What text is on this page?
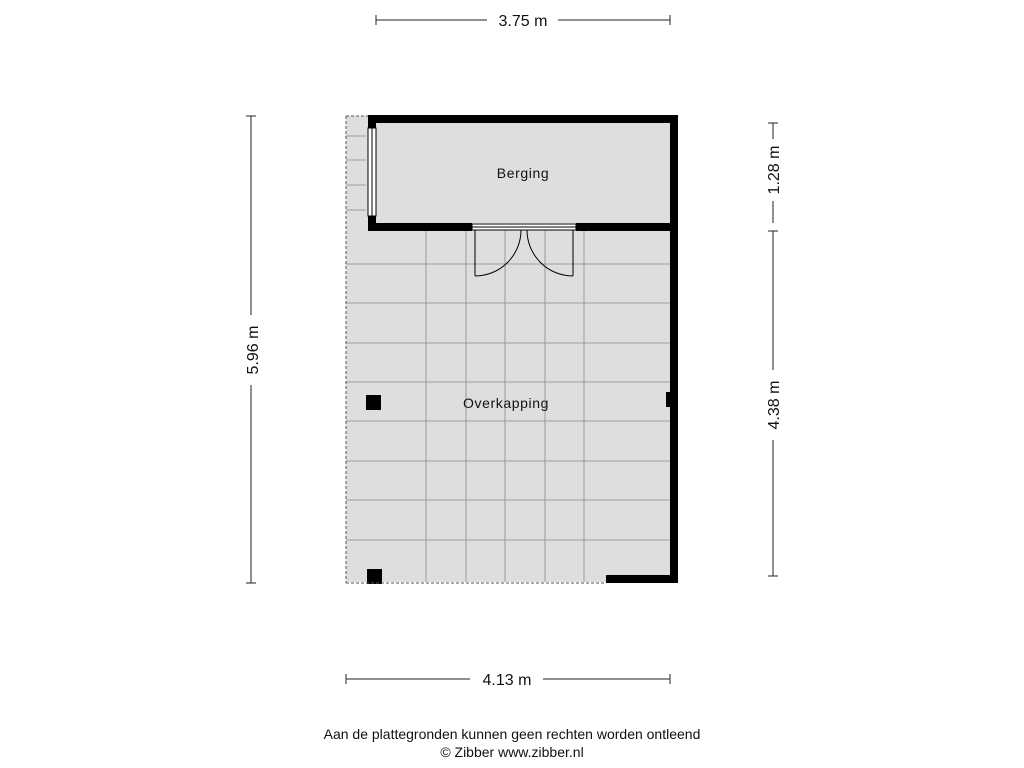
3.75 m
4.13 m
5.96 m
1.28 m
4.38 m
Berging
Overkapping
Aan de plattegronden kunnen geen rechten worden ontleend
© Zibber www.zibber.nl
